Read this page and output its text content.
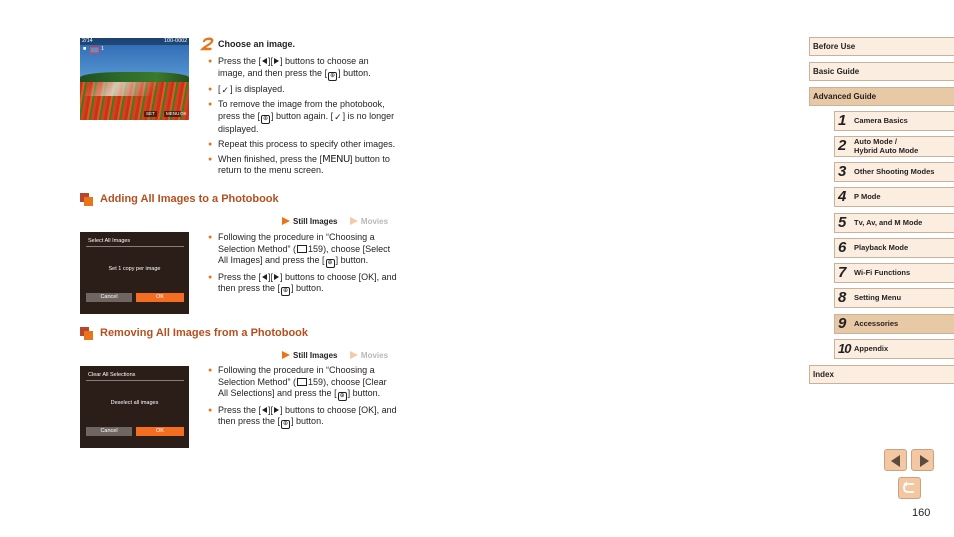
2/14	100-0002
■	1
SET	MENU OK
Choose an image.
● Press the [ ][ ] buttons to choose an image, and then press the [ ⊕ ] button.
● [✓] is displayed.
● To remove the image from the photobook, press the [ ⊕ ] button again. [✓] is no longer displayed.
● Repeat this process to specify other images.
● When finished, press the [MENU] button to return to the menu screen.
Adding All Images to a Photobook
Still Images	Movies
Select All Images
Set 1 copy per image
Cancel	OK
● Following the procedure in “Choosing a Selection Method” ( 159), choose [Select All Images] and press the [ ⊕ ] button.
● Press the [ ][ ] buttons to choose [OK], and then press the [ ⊕ ] button.
Removing All Images from a Photobook
Still Images	Movies
Clear All Selections
Deselect all images
Cancel	OK
● Following the procedure in “Choosing a Selection Method” ( 159), choose [Clear All Selections] and press the [ ⊕ ] button.
● Press the [ ][ ] buttons to choose [OK], and then press the [ ⊕ ] button.
Before Use
Basic Guide
Advanced Guide
1	Camera Basics
2	Auto Mode /
Hybrid Auto Mode
3	Other Shooting Modes
4	P Mode
5	Tv, Av, and M Mode
6	Playback Mode
7	Wi-Fi Functions
8	Setting Menu
9	Accessories
10 Appendix
Index
160
